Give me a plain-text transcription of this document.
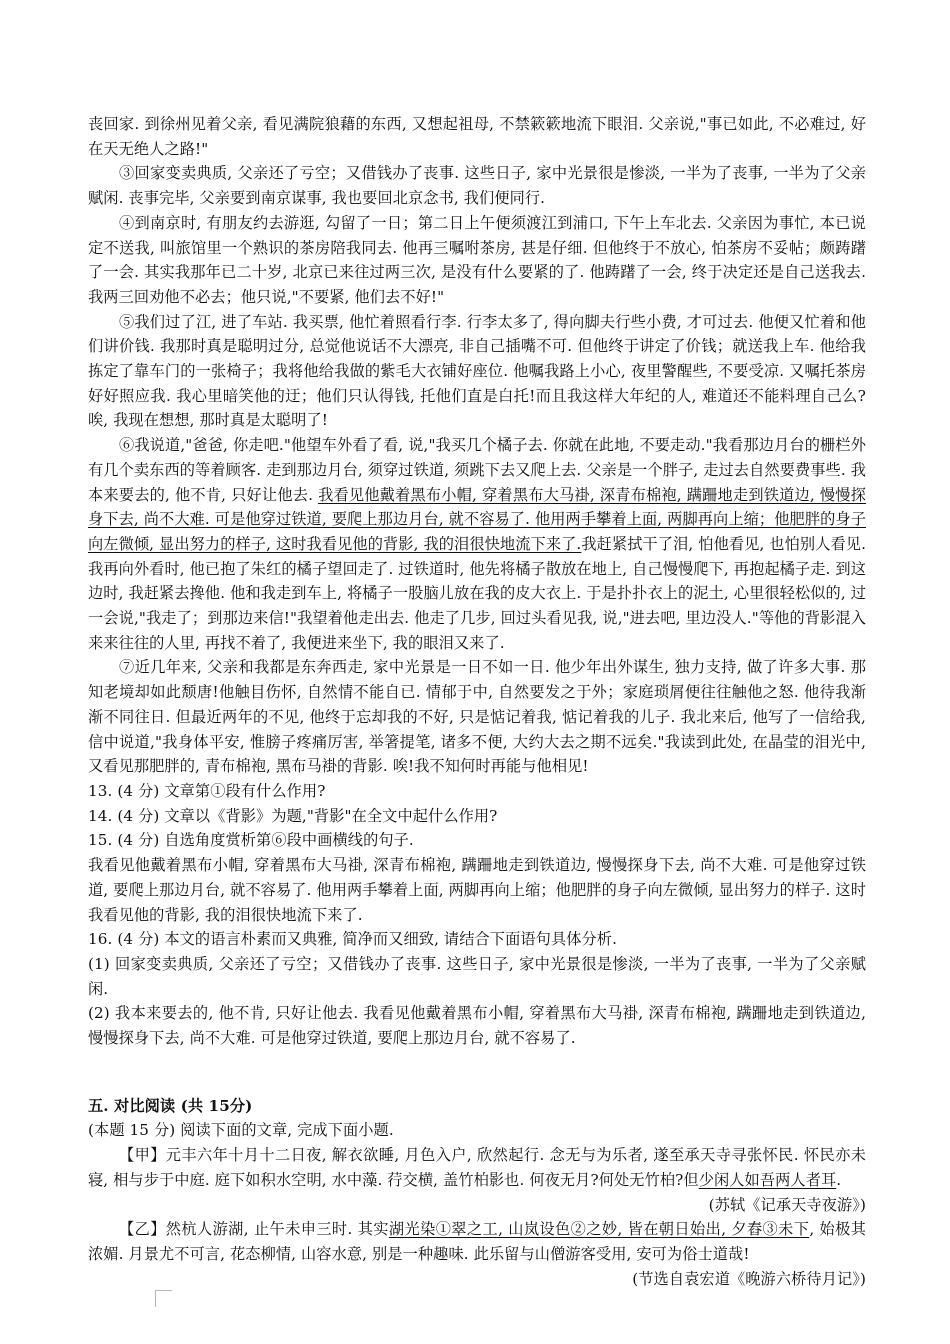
丧回家. 到徐州见着父亲, 看见满院狼藉的东西, 又想起祖母, 不禁簌簌地流下眼泪. 父亲说,"事已如此, 不必难过, 好在天无绝人之路!"

③回家变卖典质, 父亲还了亏空；又借钱办了丧事. 这些日子, 家中光景很是惨淡, 一半为了丧事, 一半为了父亲赋闲. 丧事完毕, 父亲要到南京谋事, 我也要回北京念书, 我们便同行.

④到南京时, 有朋友约去游逛, 勾留了一日；第二日上午便须渡江到浦口, 下午上车北去. 父亲因为事忙, 本已说定不送我, 叫旅馆里一个熟识的茶房陪我同去. 他再三嘱咐茶房, 甚是仔细. 但他终于不放心, 怕茶房不妥帖；颇踌躇了一会. 其实我那年已二十岁, 北京已来往过两三次, 是没有什么要紧的了. 他踌躇了一会, 终于决定还是自己送我去. 我两三回劝他不必去；他只说,"不要紧, 他们去不好!"

⑤我们过了江, 进了车站. 我买票, 他忙着照看行李. 行李太多了, 得向脚夫行些小费, 才可过去. 他便又忙着和他们讲价钱. 我那时真是聪明过分, 总觉他说话不大漂亮, 非自己插嘴不可. 但他终于讲定了价钱；就送我上车. 他给我拣定了靠车门的一张椅子；我将他给我做的紫毛大衣铺好座位. 他嘱我路上小心, 夜里警醒些, 不要受凉. 又嘱托茶房好好照应我. 我心里暗笑他的迂；他们只认得钱, 托他们直是白托!而且我这样大年纪的人, 难道还不能料理自己么?唉, 我现在想想, 那时真是太聪明了!

⑥我说道,"爸爸, 你走吧."他望车外看了看, 说,"我买几个橘子去. 你就在此地, 不要走动."我看那边月台的栅栏外有几个卖东西的等着顾客. 走到那边月台, 须穿过铁道, 须跳下去又爬上去. 父亲是一个胖子, 走过去自然要费事些. 我本来要去的, 他不肯, 只好让他去. 我看见他戴着黑布小帽, 穿着黑布大马褂, 深青布棉袍, 蹒跚地走到铁道边, 慢慢探身下去, 尚不大难. 可是他穿过铁道, 要爬上那边月台, 就不容易了. 他用两手攀着上面, 两脚再向上缩；他肥胖的身子向左微倾, 显出努力的样子, 这时我看见他的背影, 我的泪很快地流下来了.我赶紧拭干了泪, 怕他看见, 也怕别人看见. 我再向外看时, 他已抱了朱红的橘子望回走了. 过铁道时, 他先将橘子散放在地上, 自己慢慢爬下, 再抱起橘子走. 到这边时, 我赶紧去搀他. 他和我走到车上, 将橘子一股脑儿放在我的皮大衣上. 于是扑扑衣上的泥土, 心里很轻松似的, 过一会说,"我走了；到那边来信!"我望着他走出去. 他走了几步, 回过头看见我, 说,"进去吧, 里边没人."等他的背影混入来来往往的人里, 再找不着了, 我便进来坐下, 我的眼泪又来了.

⑦近几年来, 父亲和我都是东奔西走, 家中光景是一日不如一日. 他少年出外谋生, 独力支持, 做了许多大事. 那知老境却如此颓唐!他触目伤怀, 自然情不能自已. 情郁于中, 自然要发之于外；家庭琐屑便往往触他之怒. 他待我渐渐不同往日. 但最近两年的不见, 他终于忘却我的不好, 只是惦记着我, 惦记着我的儿子. 我北来后, 他写了一信给我, 信中说道,"我身体平安, 惟膀子疼痛厉害, 举箸提笔, 诸多不便, 大约大去之期不远矣."我读到此处, 在晶莹的泪光中, 又看见那肥胖的, 青布棉袍, 黑布马褂的背影. 唉!我不知何时再能与他相见!

13. (4 分) 文章第①段有什么作用?

14. (4 分) 文章以《背影》为题,"背影"在全文中起什么作用?

15. (4 分) 自选角度赏析第⑥段中画横线的句子.

我看见他戴着黑布小帽, 穿着黑布大马褂, 深青布棉袍, 蹒跚地走到铁道边, 慢慢探身下去, 尚不大难. 可是他穿过铁道, 要爬上那边月台, 就不容易了. 他用两手攀着上面, 两脚再向上缩；他肥胖的身子向左微倾, 显出努力的样子. 这时我看见他的背影, 我的泪很快地流下来了.

16. (4 分) 本文的语言朴素而又典雅, 简净而又细致, 请结合下面语句具体分析.

(1) 回家变卖典质, 父亲还了亏空；又借钱办了丧事. 这些日子, 家中光景很是惨淡, 一半为了丧事, 一半为了父亲赋闲.

(2) 我本来要去的, 他不肯, 只好让他去. 我看见他戴着黑布小帽, 穿着黑布大马褂, 深青布棉袍, 蹒跚地走到铁道边, 慢慢探身下去, 尚不大难. 可是他穿过铁道, 要爬上那边月台, 就不容易了.

五. 对比阅读 (共 15分)

(本题 15 分) 阅读下面的文章, 完成下面小题.

【甲】元丰六年十月十二日夜, 解衣欲睡, 月色入户, 欣然起行. 念无与为乐者, 遂至承天寺寻张怀民. 怀民亦未寝, 相与步于中庭. 庭下如积水空明, 水中藻. 荇交横, 盖竹柏影也. 何夜无月?何处无竹柏?但少闲人如吾两人者耳.

(苏轼《记承天寺夜游》)

【乙】然杭人游湖, 止午未申三时. 其实湖光染①翠之工, 山岚设色②之妙, 皆在朝日始出, 夕舂③未下, 始极其浓媚. 月景尤不可言, 花态柳情, 山容水意, 别是一种趣味. 此乐留与山僧游客受用, 安可为俗士道哉!

(节选自袁宏道《晚游六桥待月记》)
